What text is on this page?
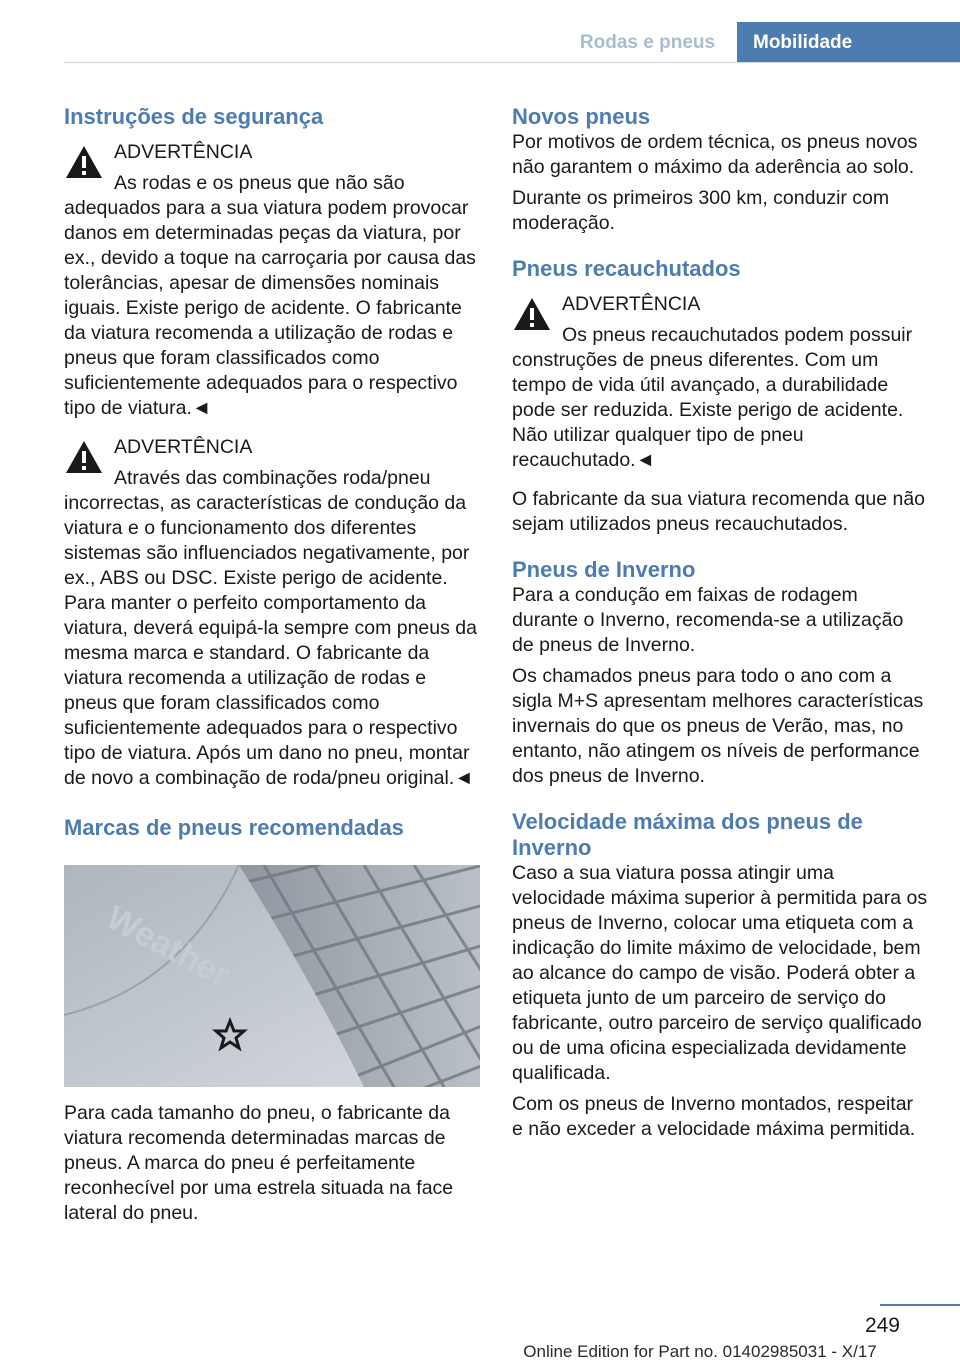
Rodas e pneus	Mobilidade
Instruções de segurança
ADVERTÊNCIA
As rodas e os pneus que não são adequados para a sua viatura podem provocar danos em determinadas peças da viatura, por ex., devido a toque na carroçaria por causa das tolerâncias, apesar de dimensões nominais iguais. Existe perigo de acidente. O fabricante da viatura recomenda a utilização de rodas e pneus que foram classificados como suficientemente adequados para o respectivo tipo de viatura.◄
ADVERTÊNCIA
Através das combinações roda/pneu incorrectas, as características de condução da viatura e o funcionamento dos diferentes sistemas são influenciados negativamente, por ex., ABS ou DSC. Existe perigo de acidente. Para manter o perfeito comportamento da viatura, deverá equipá-la sempre com pneus da mesma marca e standard. O fabricante da viatura recomenda a utilização de rodas e pneus que foram classificados como suficientemente adequados para o respectivo tipo de viatura. Após um dano no pneu, montar de novo a combinação de roda/pneu original.◄
Marcas de pneus recomendadas
Weather

Para cada tamanho do pneu, o fabricante da viatura recomenda determinadas marcas de pneus. A marca do pneu é perfeitamente reconhecível por uma estrela situada na face lateral do pneu.

Novos pneus

Por motivos de ordem técnica, os pneus novos não garantem o máximo da aderência ao solo.

Durante os primeiros 300 km, conduzir com moderação.

Pneus recauchutados
ADVERTÊNCIA
Os pneus recauchutados podem possuir construções de pneus diferentes. Com um tempo de vida útil avançado, a durabilidade pode ser reduzida. Existe perigo de acidente. Não utilizar qualquer tipo de pneu recauchutado.◄

O fabricante da sua viatura recomenda que não sejam utilizados pneus recauchutados.

Pneus de Inverno

Para a condução em faixas de rodagem durante o Inverno, recomenda-se a utilização de pneus de Inverno.

Os chamados pneus para todo o ano com a sigla M+S apresentam melhores características invernais do que os pneus de Verão, mas, no entanto, não atingem os níveis de performance dos pneus de Inverno.

Velocidade máxima dos pneus de Inverno

Caso a sua viatura possa atingir uma velocidade máxima superior à permitida para os pneus de Inverno, colocar uma etiqueta com a indicação do limite máximo de velocidade, bem ao alcance do campo de visão. Poderá obter a etiqueta junto de um parceiro de serviço do fabricante, outro parceiro de serviço qualificado ou de uma oficina especializada devidamente qualificada.

Com os pneus de Inverno montados, respeitar e não exceder a velocidade máxima permitida.

249
Online Edition for Part no. 01402985031 - X/17
